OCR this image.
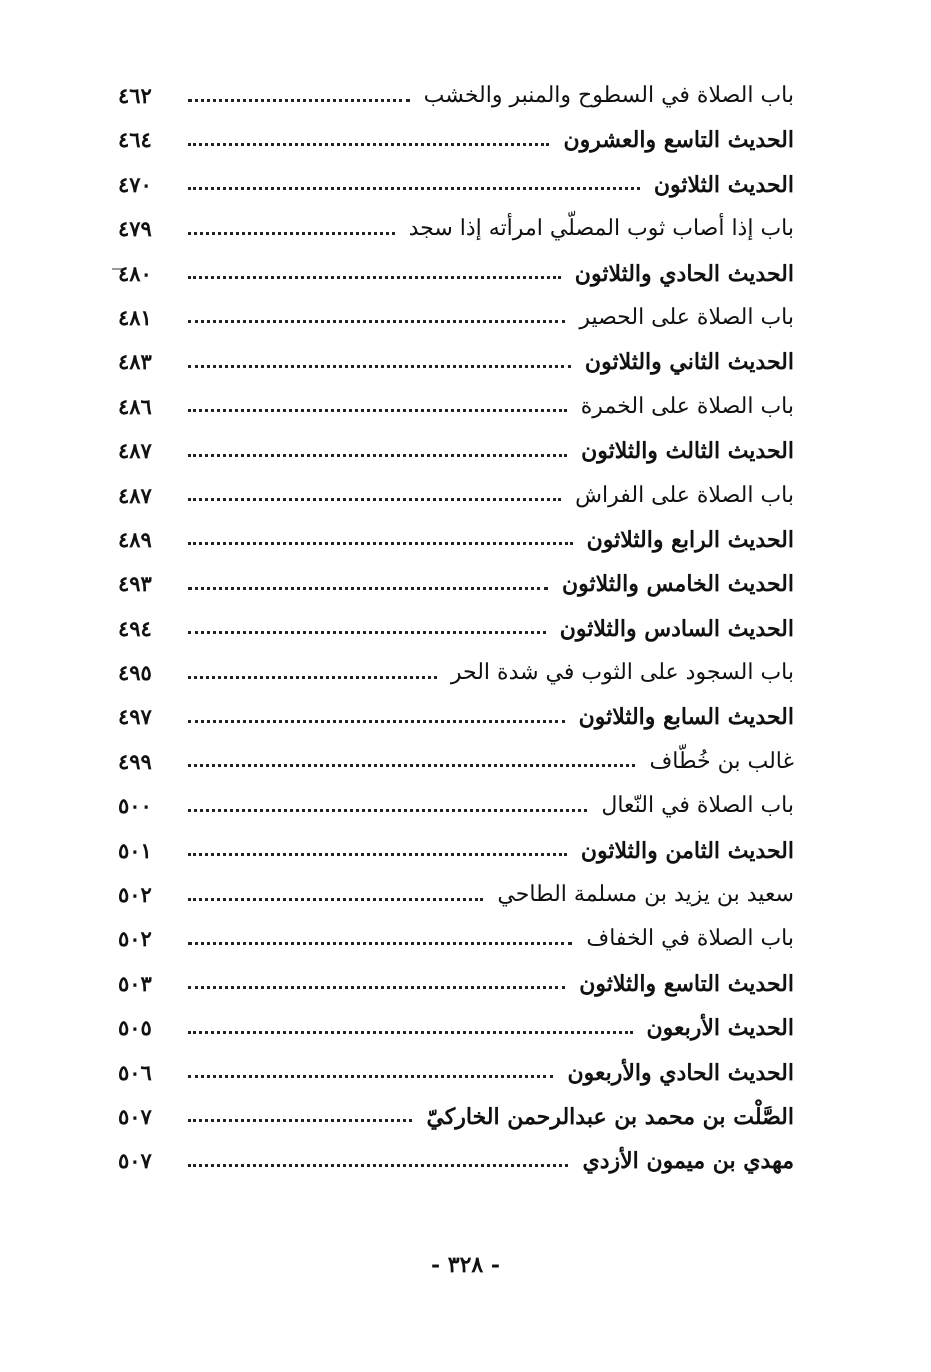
باب الصلاة في السطوح والمنبر والخشب
٤٦٢
الحديث التاسع والعشرون
٤٦٤
الحديث الثلاثون
٤٧٠
باب إذا أصاب ثوب المصلّي امرأته إذا سجد
٤٧٩
الحديث الحادي والثلاثون
٤٨٠
باب الصلاة على الحصير
٤٨١
الحديث الثاني والثلاثون
٤٨٣
باب الصلاة على الخمرة
٤٨٦
الحديث الثالث والثلاثون
٤٨٧
باب الصلاة على الفراش
٤٨٧
الحديث الرابع والثلاثون
٤٨٩
الحديث الخامس والثلاثون
٤٩٣
الحديث السادس والثلاثون
٤٩٤
باب السجود على الثوب في شدة الحر
٤٩٥
الحديث السابع والثلاثون
٤٩٧
غالب بن خُطّاف
٤٩٩
باب الصلاة في النّعال
٥٠٠
الحديث الثامن والثلاثون
٥٠١
سعيد بن يزيد بن مسلمة الطاحي
٥٠٢
باب الصلاة في الخفاف
٥٠٢
الحديث التاسع والثلاثون
٥٠٣
الحديث الأربعون
٥٠٥
الحديث الحادي والأربعون
٥٠٦
الصَّلْت بن محمد بن عبدالرحمن الخاركيّ
٥٠٧
مهدي بن ميمون الأزدي
٥٠٧
- ٣٢٨ -
